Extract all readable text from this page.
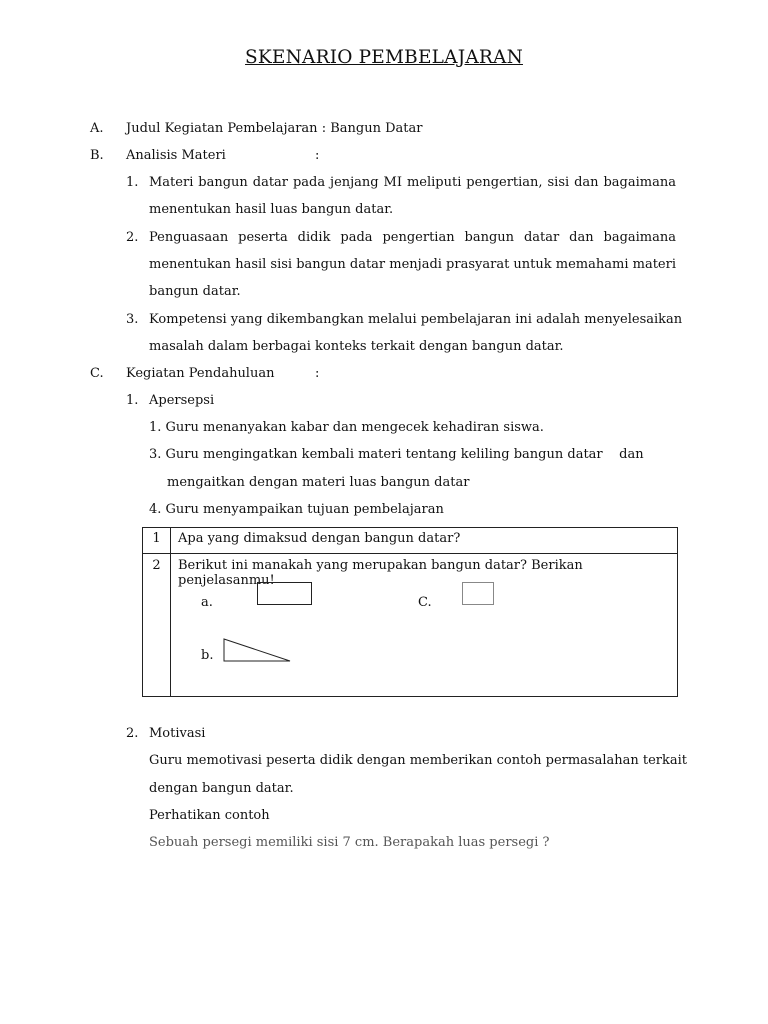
SKENARIO PEMBELAJARAN
A. Judul Kegiatan Pembelajaran : Bangun Datar
B. Analisis Materi	:
1. Materi bangun datar pada jenjang MI meliputi pengertian, sisi dan bagaimana
menentukan hasil luas bangun datar.
2. Penguasaan peserta didik pada pengertian bangun datar dan bagaimana
menentukan hasil sisi bangun datar menjadi prasyarat untuk memahami materi
bangun datar.
3. Kompetensi yang dikembangkan melalui pembelajaran ini adalah menyelesaikan
masalah dalam berbagai konteks terkait dengan bangun datar.
C. Kegiatan Pendahuluan	:
1. Apersepsi
1. Guru menanyakan kabar dan mengecek kehadiran siswa.
3. Guru mengingatkan kembali materi tentang keliling bangun datar    dan
mengaitkan dengan materi luas bangun datar
4. Guru menyampaikan tujuan pembelajaran
1	Apa yang dimaksud dengan bangun datar?
2	Berikut ini manakah yang merupakan bangun datar? Berikan penjelasanmu!
a. C.
b.
2. Motivasi
Guru memotivasi peserta didik dengan memberikan contoh permasalahan terkait
dengan bangun datar.
Perhatikan contoh
Sebuah persegi memiliki sisi 7 cm. Berapakah luas persegi ?
